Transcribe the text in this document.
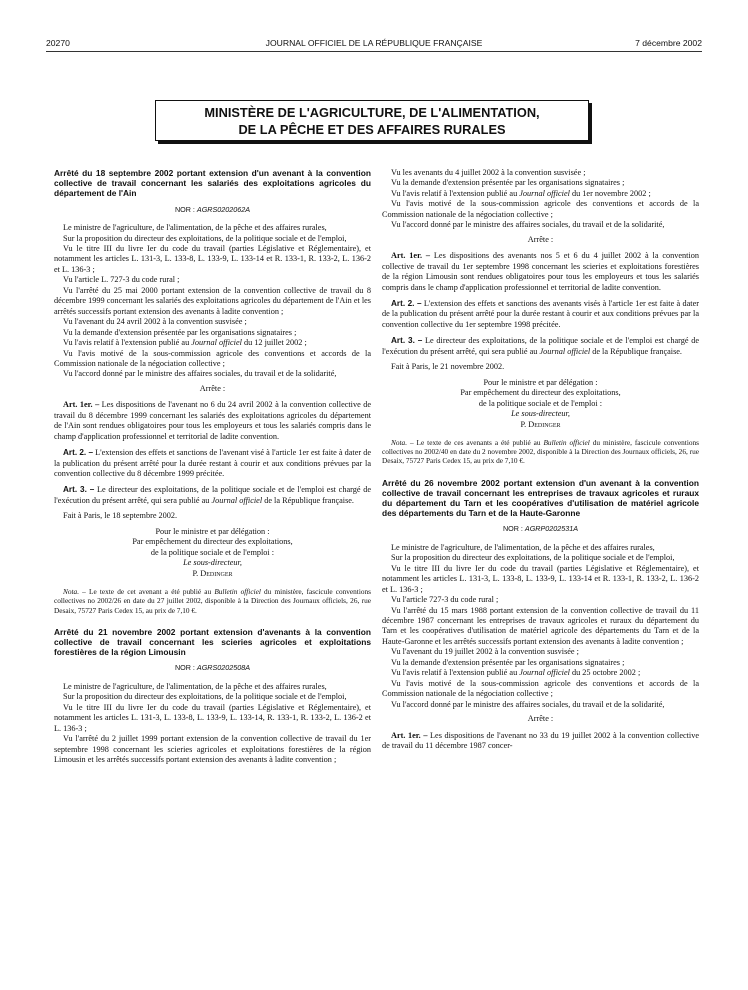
20270	JOURNAL OFFICIEL DE LA RÉPUBLIQUE FRANÇAISE	7 décembre 2002
MINISTÈRE DE L'AGRICULTURE, DE L'ALIMENTATION,
DE LA PÊCHE ET DES AFFAIRES RURALES

Arrêté du 18 septembre 2002 portant extension d'un avenant à la convention collective de travail concernant les salariés des exploitations agricoles du département de l'Ain

NOR : AGRS0202062A

Le ministre de l'agriculture, de l'alimentation, de la pêche et des affaires rurales,

Sur la proposition du directeur des exploitations, de la politique sociale et de l'emploi,

Vu le titre III du livre Ier du code du travail (parties Législative et Réglementaire), et notamment les articles L. 131-3, L. 133-8, L. 133-9, L. 133-14 et R. 133-1, R. 133-2, L. 136-2 et L. 136-3 ;

Vu l'article L. 727-3 du code rural ;

Vu l'arrêté du 25 mai 2000 portant extension de la convention collective de travail du 8 décembre 1999 concernant les salariés des exploitations agricoles du département de l'Ain et les arrêtés successifs portant extension des avenants à ladite convention ;

Vu l'avenant du 24 avril 2002 à la convention susvisée ;

Vu la demande d'extension présentée par les organisations signataires ;

Vu l'avis relatif à l'extension publié au Journal officiel du 12 juillet 2002 ;

Vu l'avis motivé de la sous-commission agricole des conventions et accords de la Commission nationale de la négociation collective ;

Vu l'accord donné par le ministre des affaires sociales, du travail et de la solidarité,

Arrête :

Art. 1er. – Les dispositions de l'avenant no 6 du 24 avril 2002 à la convention collective de travail du 8 décembre 1999 concernant les salariés des exploitations agricoles du département de l'Ain sont rendues obligatoires pour tous les employeurs et tous les salariés compris dans le champ d'application professionnel et territorial de ladite convention.

Art. 2. – L'extension des effets et sanctions de l'avenant visé à l'article 1er est faite à dater de la publication du présent arrêté pour la durée restant à courir et aux conditions prévues par la convention collective du 8 décembre 1999 précitée.

Art. 3. – Le directeur des exploitations, de la politique sociale et de l'emploi est chargé de l'exécution du présent arrêté, qui sera publié au Journal officiel de la République française.

Fait à Paris, le 18 septembre 2002.

Pour le ministre et par délégation :

Par empêchement du directeur des exploitations,

de la politique sociale et de l'emploi :

Le sous-directeur,

P. Dedinger

Nota. – Le texte de cet avenant a été publié au Bulletin officiel du ministère, fascicule conventions collectives no 2002/26 en date du 27 juillet 2002, disponible à la Direction des Journaux officiels, 26, rue Desaix, 75727 Paris Cedex 15, au prix de 7,10 €.

Arrêté du 21 novembre 2002 portant extension d'avenants à la convention collective de travail concernant les scieries agricoles et exploitations forestières de la région Limousin

NOR : AGRS0202508A

Le ministre de l'agriculture, de l'alimentation, de la pêche et des affaires rurales,

Sur la proposition du directeur des exploitations, de la politique sociale et de l'emploi,

Vu le titre III du livre Ier du code du travail (parties Législative et Réglementaire), et notamment les articles L. 131-3, L. 133-8, L. 133-9, L. 133-14, R. 133-1, R. 133-2, L. 136-2 et L. 136-3 ;

Vu l'arrêté du 2 juillet 1999 portant extension de la convention collective de travail du 1er septembre 1998 concernant les scieries agricoles et exploitations forestières de la région Limousin et les arrêtés successifs portant extension des avenants à ladite convention ;

Vu les avenants du 4 juillet 2002 à la convention susvisée ;

Vu la demande d'extension présentée par les organisations signataires ;

Vu l'avis relatif à l'extension publié au Journal officiel du 1er novembre 2002 ;

Vu l'avis motivé de la sous-commission agricole des conventions et accords de la Commission nationale de la négociation collective ;

Vu l'accord donné par le ministre des affaires sociales, du travail et de la solidarité,

Arrête :

Art. 1er. – Les dispositions des avenants nos 5 et 6 du 4 juillet 2002 à la convention collective de travail du 1er septembre 1998 concernant les scieries et exploitations forestières de la région Limousin sont rendues obligatoires pour tous les employeurs et tous les salariés compris dans le champ d'application professionnel et territorial de ladite convention.

Art. 2. – L'extension des effets et sanctions des avenants visés à l'article 1er est faite à dater de la publication du présent arrêté pour la durée restant à courir et aux conditions prévues par la convention collective du 1er septembre 1998 précitée.

Art. 3. – Le directeur des exploitations, de la politique sociale et de l'emploi est chargé de l'exécution du présent arrêté, qui sera publié au Journal officiel de la République française.

Fait à Paris, le 21 novembre 2002.

Pour le ministre et par délégation :

Par empêchement du directeur des exploitations,

de la politique sociale et de l'emploi :

Le sous-directeur,

P. Dedinger

Nota. – Le texte de ces avenants a été publié au Bulletin officiel du ministère, fascicule conventions collectives no 2002/40 en date du 2 novembre 2002, disponible à la Direction des Journaux officiels, 26, rue Desaix, 75727 Paris Cedex 15, au prix de 7,10 €.

Arrêté du 26 novembre 2002 portant extension d'un avenant à la convention collective de travail concernant les entreprises de travaux agricoles et ruraux du département du Tarn et les coopératives d'utilisation de matériel agricole des départements du Tarn et de la Haute-Garonne

NOR : AGRP0202531A

Le ministre de l'agriculture, de l'alimentation, de la pêche et des affaires rurales,

Sur la proposition du directeur des exploitations, de la politique sociale et de l'emploi,

Vu le titre III du livre Ier du code du travail (parties Législative et Réglementaire), et notamment les articles L. 131-3, L. 133-8, L. 133-9, L. 133-14 et R. 133-1, R. 133-2, L. 136-2 et L. 136-3 ;

Vu l'article 727-3 du code rural ;

Vu l'arrêté du 15 mars 1988 portant extension de la convention collective de travail du 11 décembre 1987 concernant les entreprises de travaux agricoles et ruraux du département du Tarn et les coopératives d'utilisation de matériel agricole des départements du Tarn et de la Haute-Garonne et les arrêtés successifs portant extension des avenants à ladite convention ;

Vu l'avenant du 19 juillet 2002 à la convention susvisée ;

Vu la demande d'extension présentée par les organisations signataires ;

Vu l'avis relatif à l'extension publié au Journal officiel du 25 octobre 2002 ;

Vu l'avis motivé de la sous-commission agricole des conventions et accords de la Commission nationale de la négociation collective ;

Vu l'accord donné par le ministre des affaires sociales, du travail et de la solidarité,

Arrête :

Art. 1er. – Les dispositions de l'avenant no 33 du 19 juillet 2002 à la convention collective de travail du 11 décembre 1987 concer-
